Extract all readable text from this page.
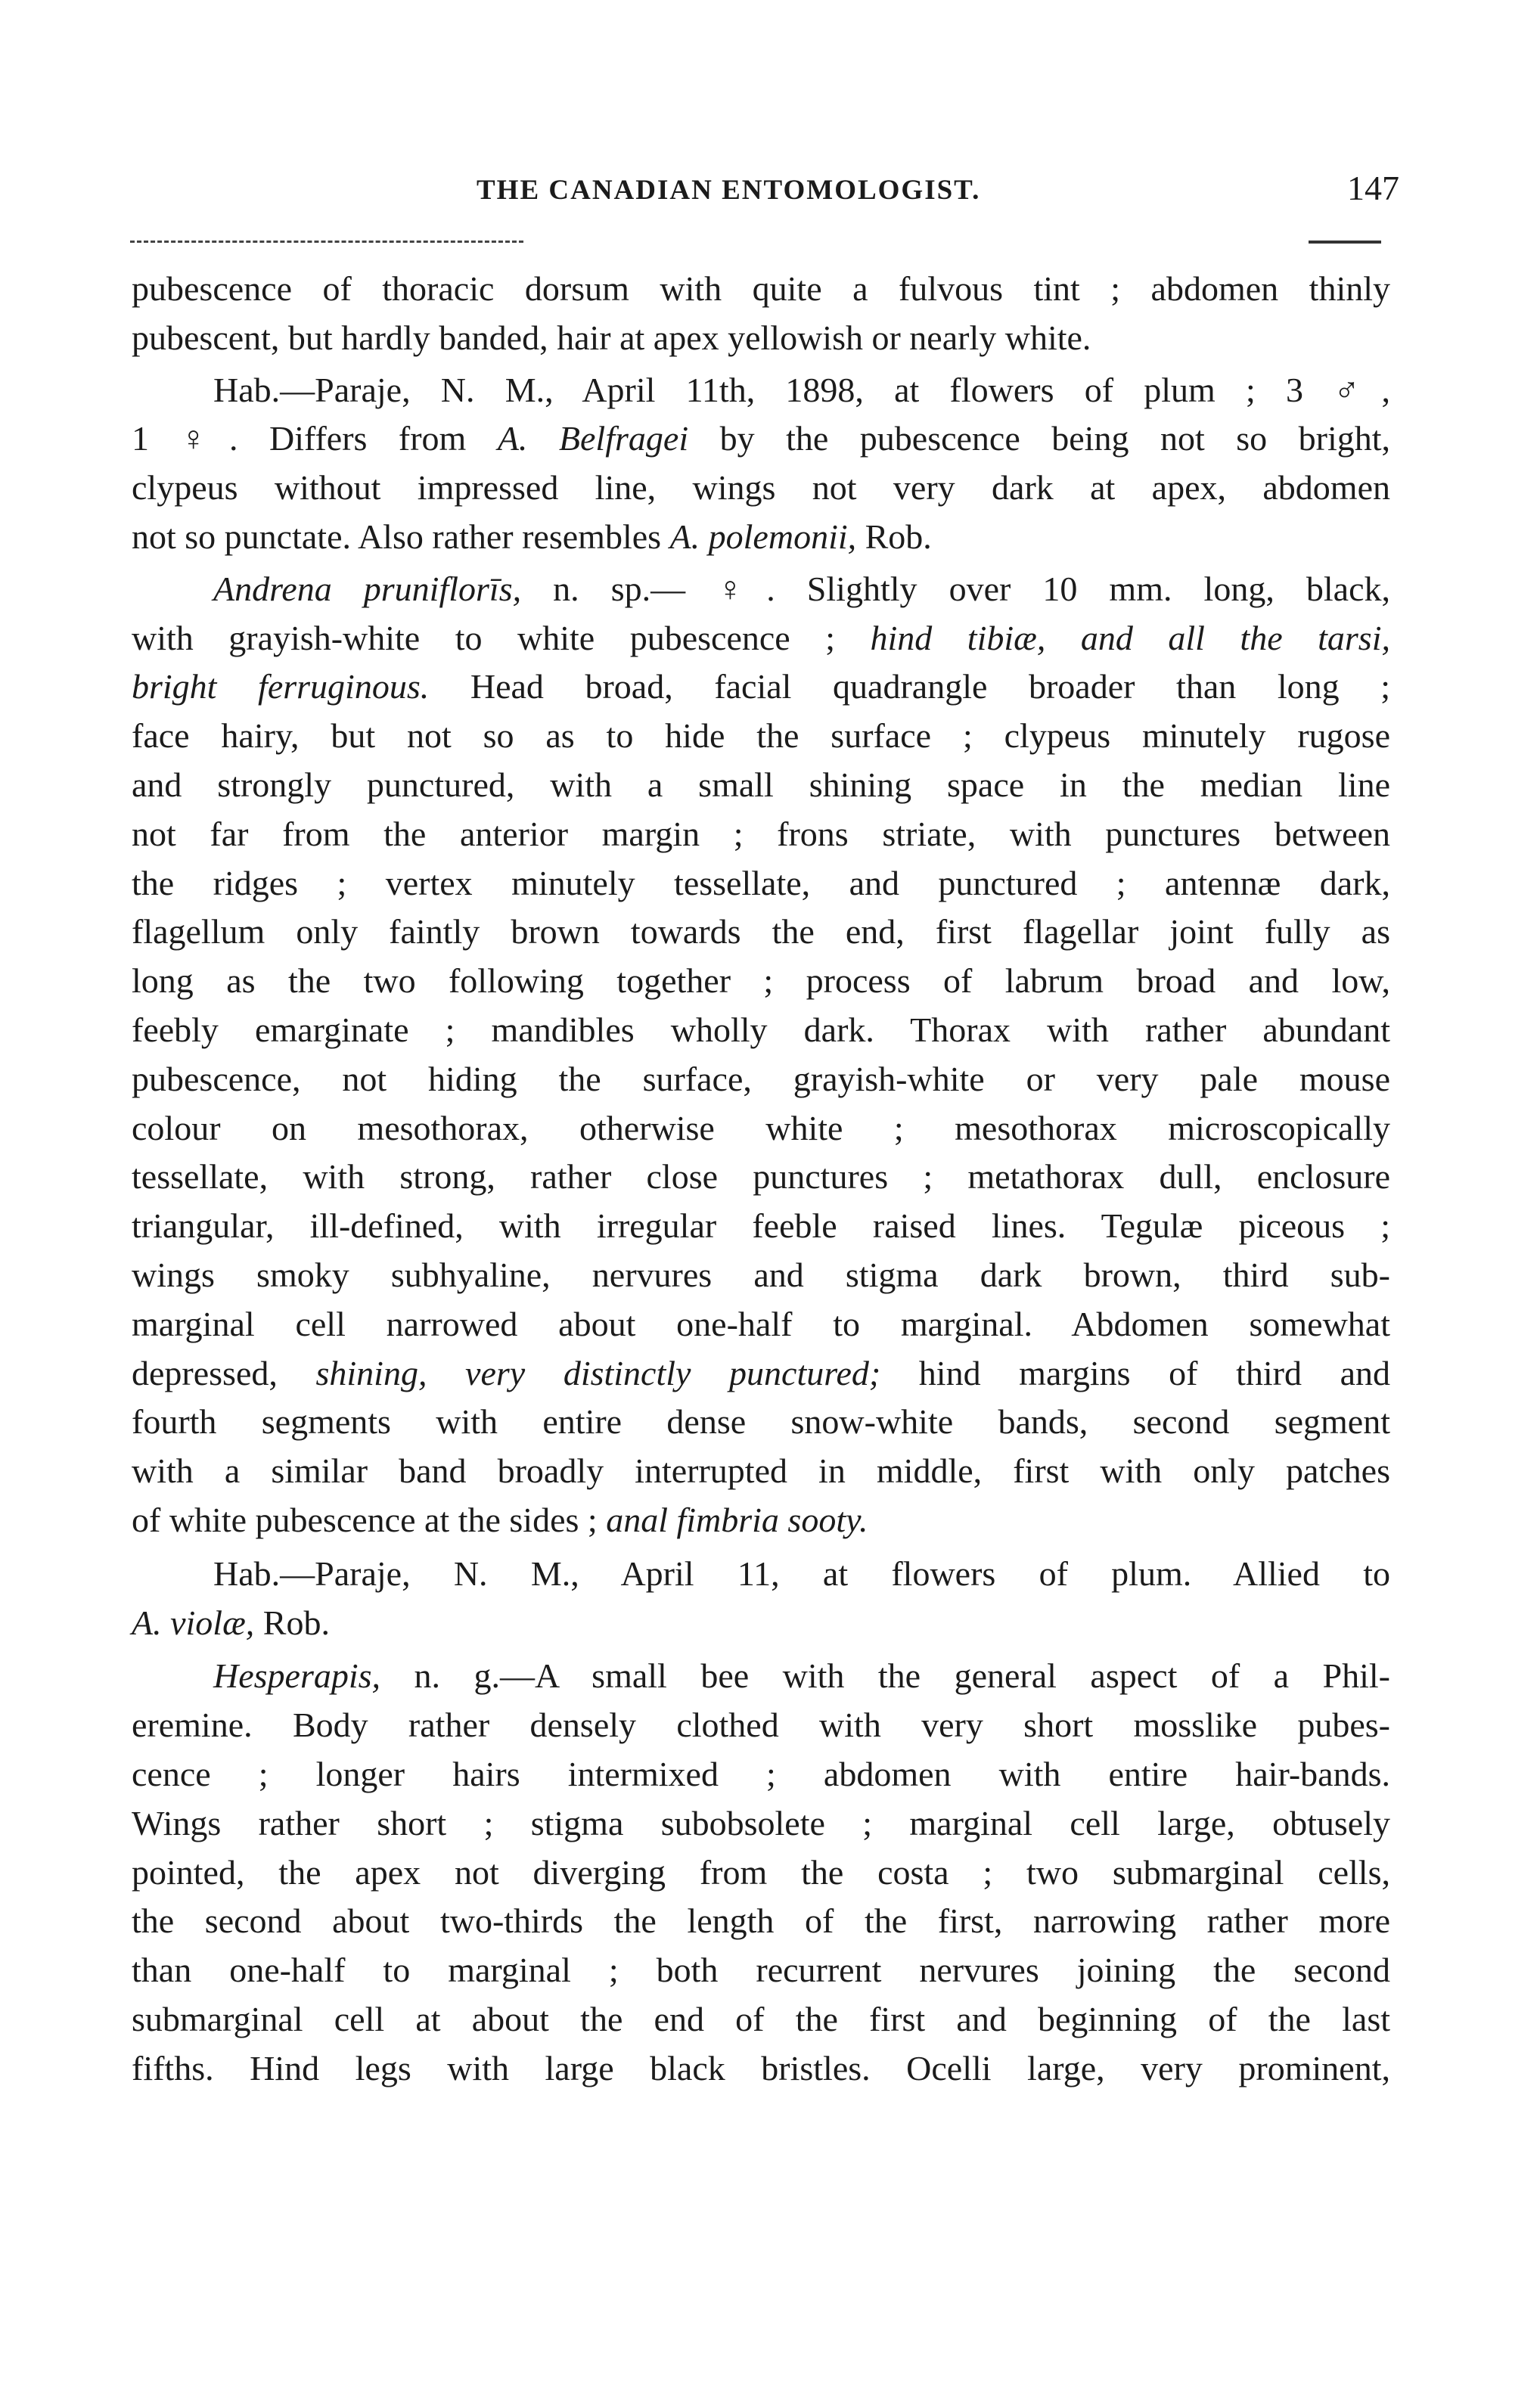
THE CANADIAN ENTOMOLOGIST.	147
pubescence of thoracic dorsum with quite a fulvous tint ; abdomen thinly
pubescent, but hardly banded, hair at apex yellowish or nearly white.
Hab.—Paraje, N. M., April 11th, 1898, at flowers of plum ; 3 ♂,
1 ♀. Differs from A. Belfragei by the pubescence being not so bright,
clypeus without impressed line, wings not very dark at apex, abdomen
not so punctate. Also rather resembles A. polemonii, Rob.
Andrena pruniflorīs, n. sp.— ♀. Slightly over 10 mm. long, black,
with grayish-white to white pubescence ; hind tibiæ, and all the tarsi,
bright ferruginous. Head broad, facial quadrangle broader than long ;
face hairy, but not so as to hide the surface ; clypeus minutely rugose
and strongly punctured, with a small shining space in the median line
not far from the anterior margin ; frons striate, with punctures between
the ridges ; vertex minutely tessellate, and punctured ; antennæ dark,
flagellum only faintly brown towards the end, first flagellar joint fully as
long as the two following together ; process of labrum broad and low,
feebly emarginate ; mandibles wholly dark. Thorax with rather abundant
pubescence, not hiding the surface, grayish-white or very pale mouse
colour on mesothorax, otherwise white ; mesothorax microscopically
tessellate, with strong, rather close punctures ; metathorax dull, enclosure
triangular, ill-defined, with irregular feeble raised lines. Tegulæ piceous ;
wings smoky subhyaline, nervures and stigma dark brown, third sub-
marginal cell narrowed about one-half to marginal. Abdomen somewhat
depressed, shining, very distinctly punctured; hind margins of third and
fourth segments with entire dense snow-white bands, second segment
with a similar band broadly interrupted in middle, first with only patches
of white pubescence at the sides ; anal fimbria sooty.
Hab.—Paraje, N. M., April 11, at flowers of plum. Allied to
A. violæ, Rob.
Hesperapis, n. g.—A small bee with the general aspect of a Phil-
eremine. Body rather densely clothed with very short mosslike pubes-
cence ; longer hairs intermixed ; abdomen with entire hair-bands.
Wings rather short ; stigma subobsolete ; marginal cell large, obtusely
pointed, the apex not diverging from the costa ; two submarginal cells,
the second about two-thirds the length of the first, narrowing rather more
than one-half to marginal ; both recurrent nervures joining the second
submarginal cell at about the end of the first and beginning of the last
fifths. Hind legs with large black bristles. Ocelli large, very prominent,
